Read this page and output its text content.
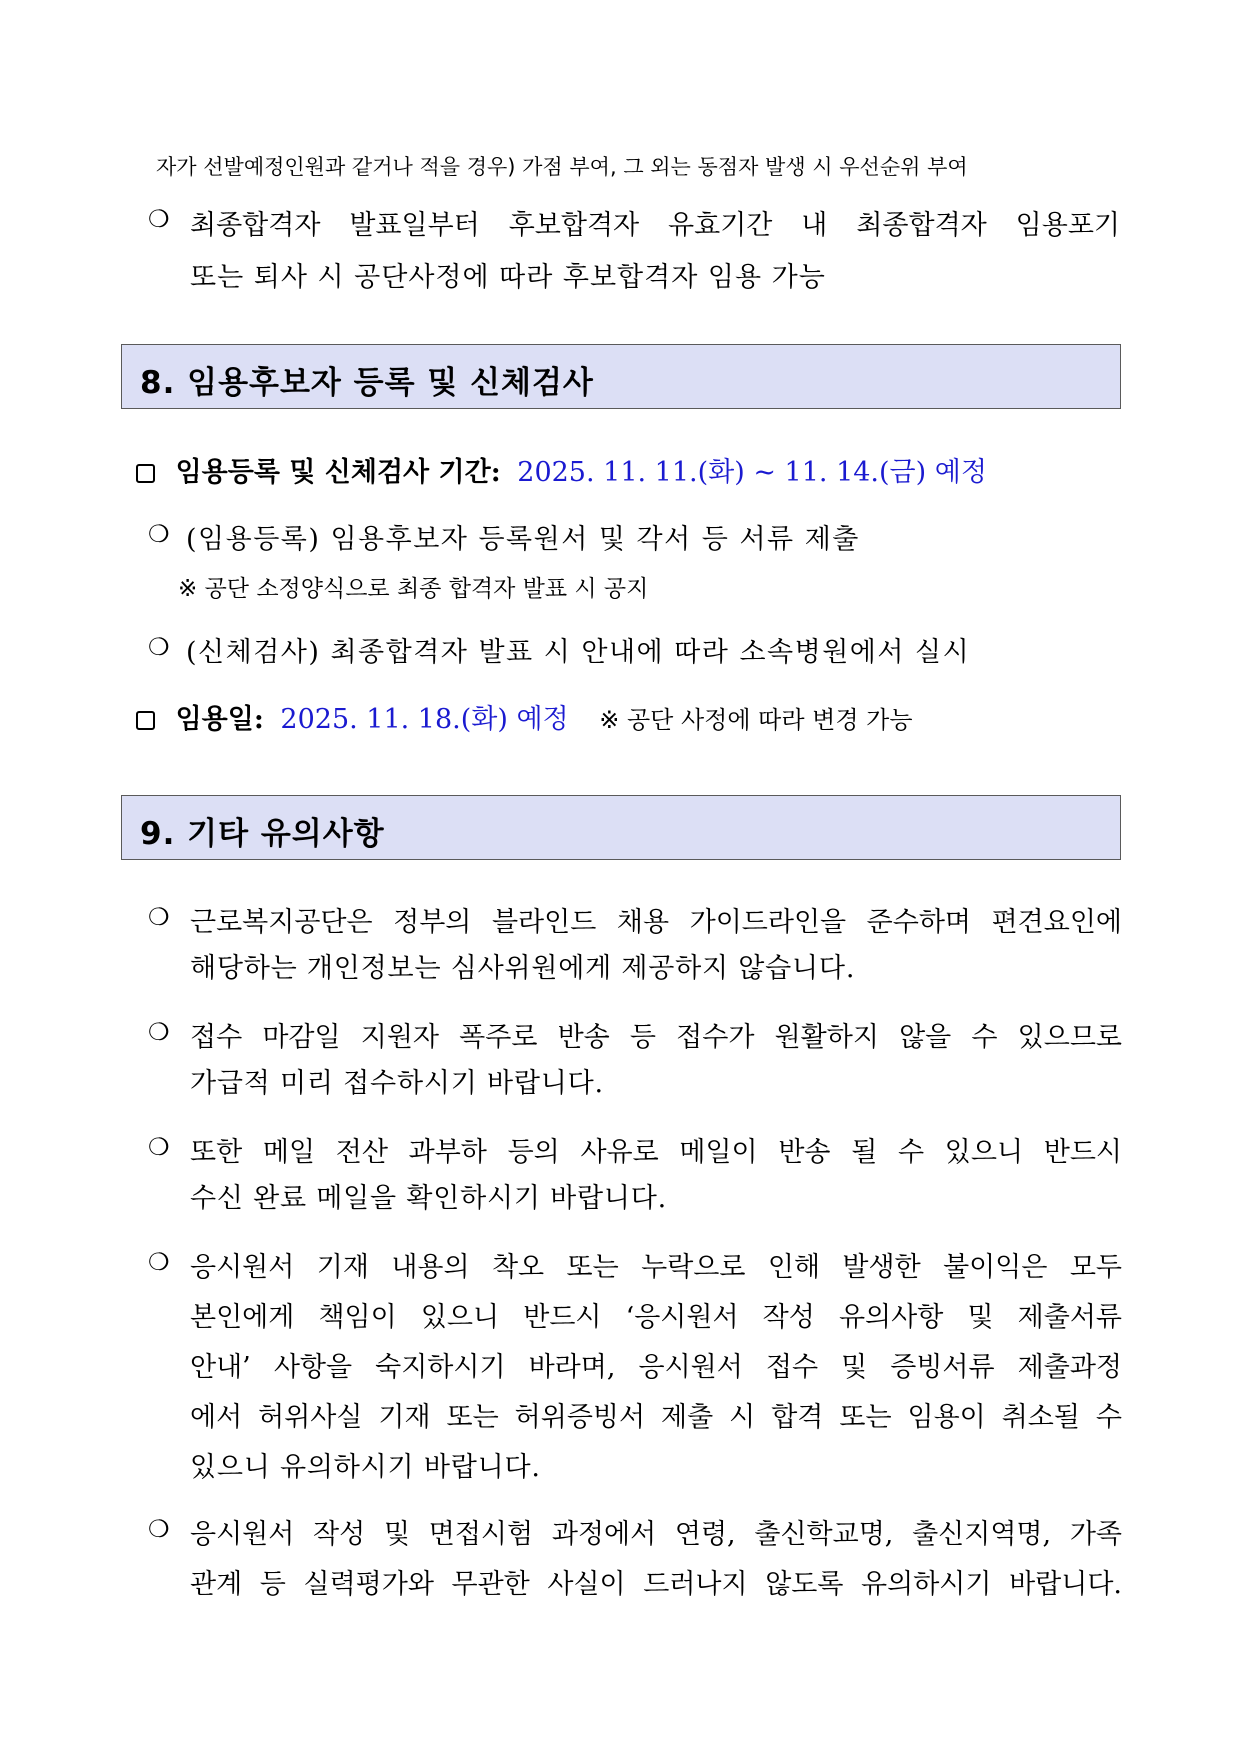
자가 선발예정인원과 같거나 적을 경우) 가점 부여, 그 외는 동점자 발생 시 우선순위 부여
❍ 최종합격자 발표일부터 후보합격자 유효기간 내 최종합격자 임용포기
또는 퇴사 시 공단사정에 따라 후보합격자 임용 가능
8. 임용후보자 등록 및 신체검사
임용등록 및 신체검사 기간: 2025. 11. 11.(화) ~ 11. 14.(금) 예정
❍ (임용등록) 임용후보자 등록원서 및 각서 등 서류 제출
※ 공단 소정양식으로 최종 합격자 발표 시 공지
❍ (신체검사) 최종합격자 발표 시 안내에 따라 소속병원에서 실시
임용일: 2025. 11. 18.(화) 예정 ※ 공단 사정에 따라 변경 가능
9. 기타 유의사항
❍ 근로복지공단은 정부의 블라인드 채용 가이드라인을 준수하며 편견요인에
해당하는 개인정보는 심사위원에게 제공하지 않습니다.
❍ 접수 마감일 지원자 폭주로 반송 등 접수가 원활하지 않을 수 있으므로
가급적 미리 접수하시기 바랍니다.
❍ 또한 메일 전산 과부하 등의 사유로 메일이 반송 될 수 있으니 반드시
수신 완료 메일을 확인하시기 바랍니다.
❍ 응시원서 기재 내용의 착오 또는 누락으로 인해 발생한 불이익은 모두
본인에게 책임이 있으니 반드시 ‘응시원서 작성 유의사항 및 제출서류
안내’ 사항을 숙지하시기 바라며, 응시원서 접수 및 증빙서류 제출과정
에서 허위사실 기재 또는 허위증빙서 제출 시 합격 또는 임용이 취소될 수
있으니 유의하시기 바랍니다.
❍ 응시원서 작성 및 면접시험 과정에서 연령, 출신학교명, 출신지역명, 가족
관계 등 실력평가와 무관한 사실이 드러나지 않도록 유의하시기 바랍니다.
